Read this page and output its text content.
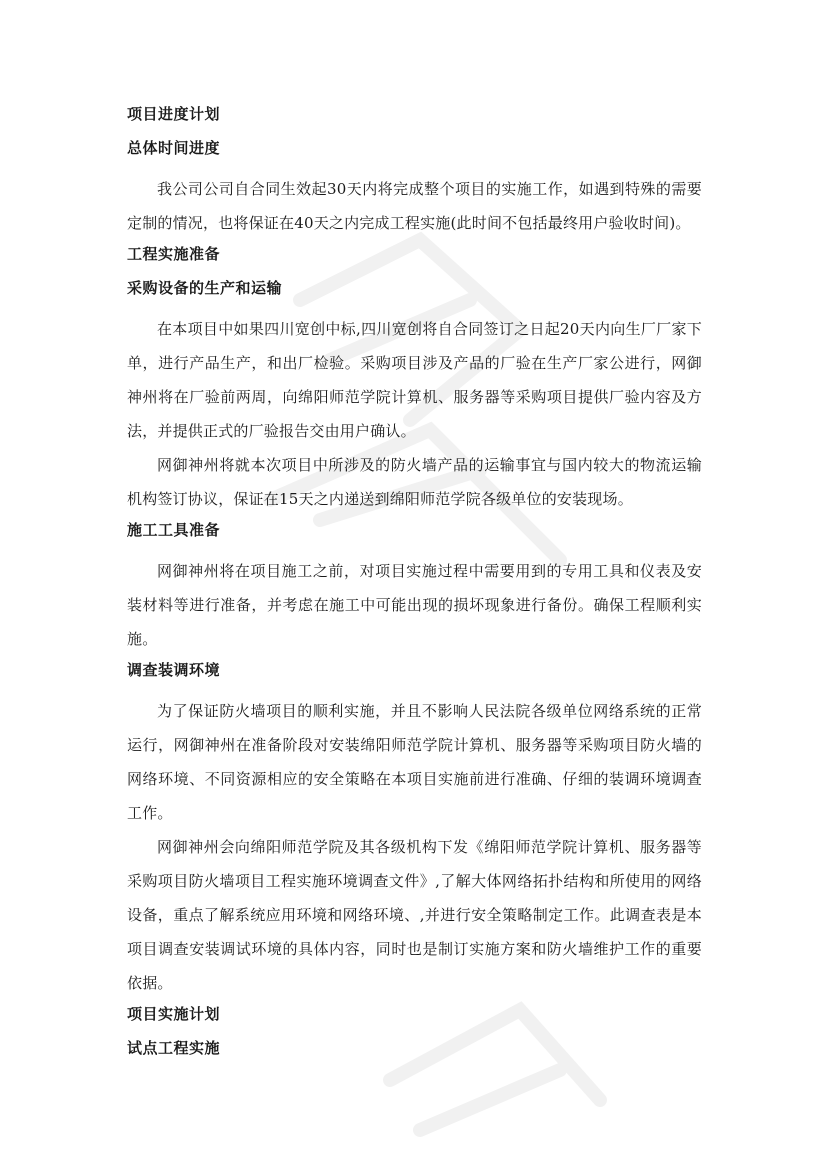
项目进度计划
总体时间进度
我公司公司自合同生效起30天内将完成整个项目的实施工作，如遇到特殊的需要定制的情况，也将保证在40天之内完成工程实施(此时间不包括最终用户验收时间)。
工程实施准备
采购设备的生产和运输
在本项目中如果四川宽创中标,四川宽创将自合同签订之日起20天内向生厂厂家下单，进行产品生产，和出厂检验。采购项目涉及产品的厂验在生产厂家公进行，网御神州将在厂验前两周，向绵阳师范学院计算机、服务器等采购项目提供厂验内容及方法，并提供正式的厂验报告交由用户确认。
网御神州将就本次项目中所涉及的防火墙产品的运输事宜与国内较大的物流运输机构签订协议，保证在15天之内递送到绵阳师范学院各级单位的安装现场。
施工工具准备
网御神州将在项目施工之前，对项目实施过程中需要用到的专用工具和仪表及安装材料等进行准备，并考虑在施工中可能出现的损坏现象进行备份。确保工程顺利实施。
调查装调环境
为了保证防火墙项目的顺利实施，并且不影响人民法院各级单位网络系统的正常运行，网御神州在准备阶段对安装绵阳师范学院计算机、服务器等采购项目防火墙的网络环境、不同资源相应的安全策略在本项目实施前进行准确、仔细的装调环境调查工作。
网御神州会向绵阳师范学院及其各级机构下发《绵阳师范学院计算机、服务器等采购项目防火墙项目工程实施环境调查文件》,了解大体网络拓扑结构和所使用的网络设备，重点了解系统应用环境和网络环境、,并进行安全策略制定工作。此调查表是本项目调查安装调试环境的具体内容，同时也是制订实施方案和防火墙维护工作的重要依据。
项目实施计划
试点工程实施
